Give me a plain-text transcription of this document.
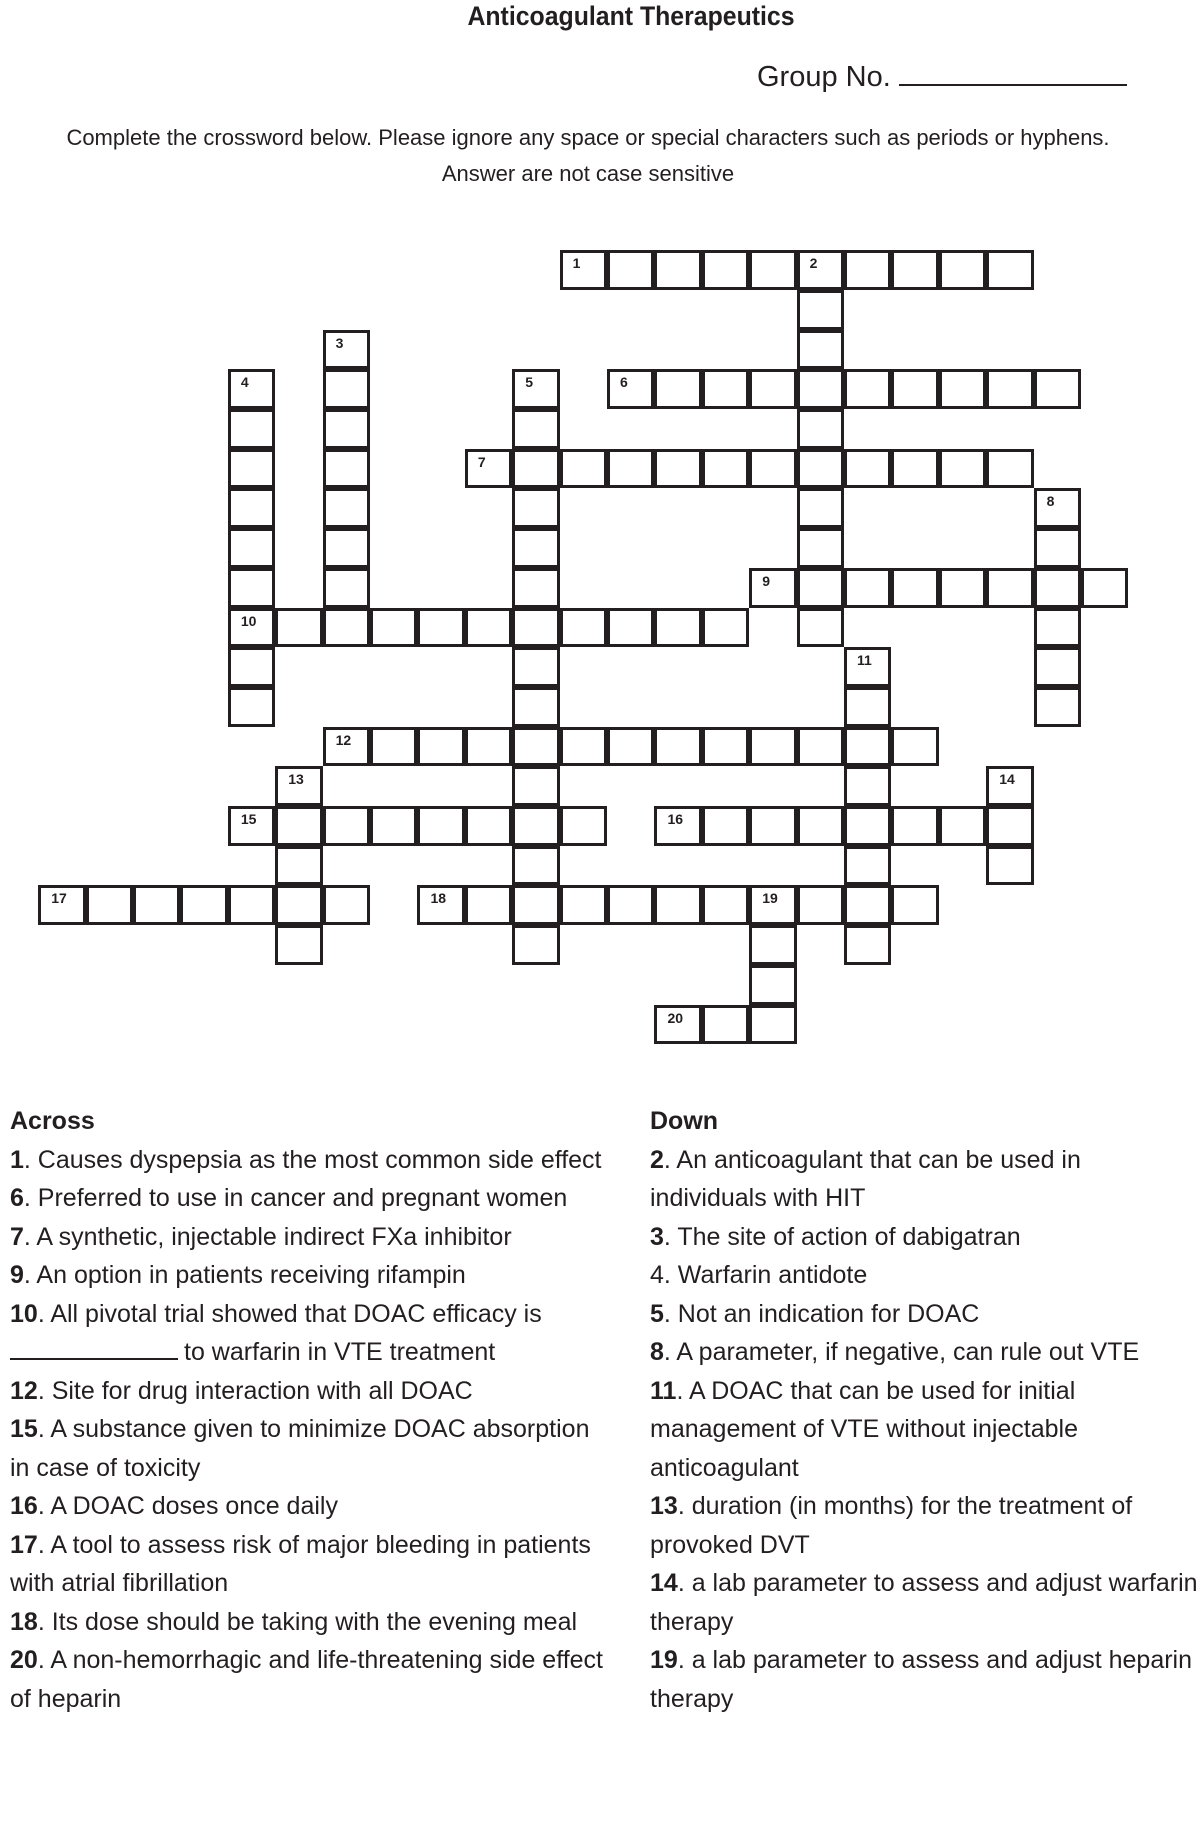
Anticoagulant Therapeutics
Group No.
Complete the crossword below. Please ignore any space or special characters such as periods or hyphens.
Answer are not case sensitive
1	2
3
4
10
5	6
7
8
9
11
12
13	14
15	16
17	18	19
20
Across
1. Causes dyspepsia as the most common side effect
6. Preferred to use in cancer and pregnant women
7. A synthetic, injectable indirect FXa inhibitor
9. An option in patients receiving rifampin
10. All pivotal trial showed that DOAC efficacy is
to warfarin in VTE treatment
12. Site for drug interaction with all DOAC
15. A substance given to minimize DOAC absorption in case of toxicity
16. A DOAC doses once daily
17. A tool to assess risk of major bleeding in patients with atrial fibrillation
18. Its dose should be taking with the evening meal
20. A non-hemorrhagic and life-threatening side effect of heparin
Down
2. An anticoagulant that can be used in individuals with HIT
3. The site of action of dabigatran
4. Warfarin antidote
5. Not an indication for DOAC
8. A parameter, if negative, can rule out VTE
11. A DOAC that can be used for initial management of VTE without injectable anticoagulant
13. duration (in months) for the treatment of provoked DVT
14. a lab parameter to assess and adjust warfarin therapy
19. a lab parameter to assess and adjust heparin therapy
